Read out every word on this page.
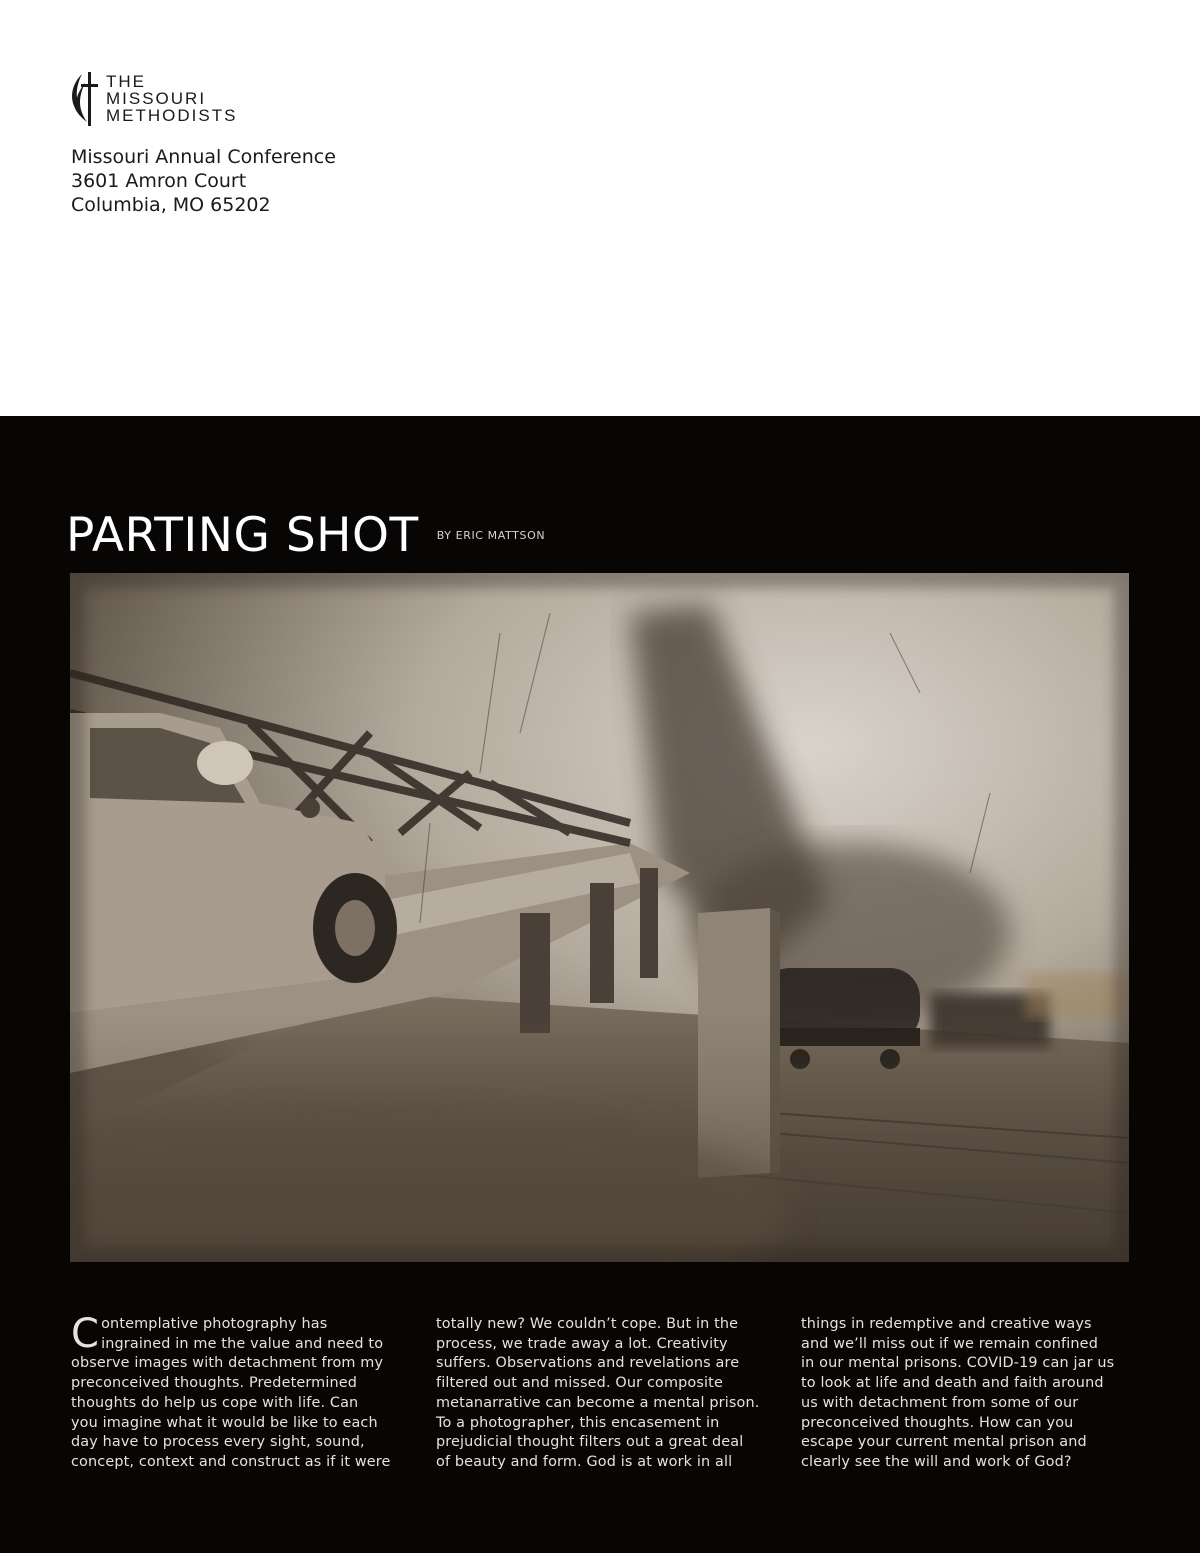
THE
MISSOURI
METHODISTS
Missouri Annual Conference
3601 Amron Court
Columbia, MO 65202
PARTING SHOT BY ERIC MATTSON
C ontemplative photography has
ingrained in me the value and need to
observe images with detachment from my
preconceived thoughts. Predetermined
thoughts do help us cope with life. Can
you imagine what it would be like to each
day have to process every sight, sound,
concept, context and construct as if it were
totally new? We couldn’t cope. But in the
process, we trade away a lot. Creativity
suffers. Observations and revelations are
filtered out and missed. Our composite
metanarrative can become a mental prison.
To a photographer, this encasement in
prejudicial thought filters out a great deal
of beauty and form. God is at work in all
things in redemptive and creative ways
and we’ll miss out if we remain confined
in our mental prisons. COVID-19 can jar us
to look at life and death and faith around
us with detachment from some of our
preconceived thoughts. How can you
escape your current mental prison and
clearly see the will and work of God?
